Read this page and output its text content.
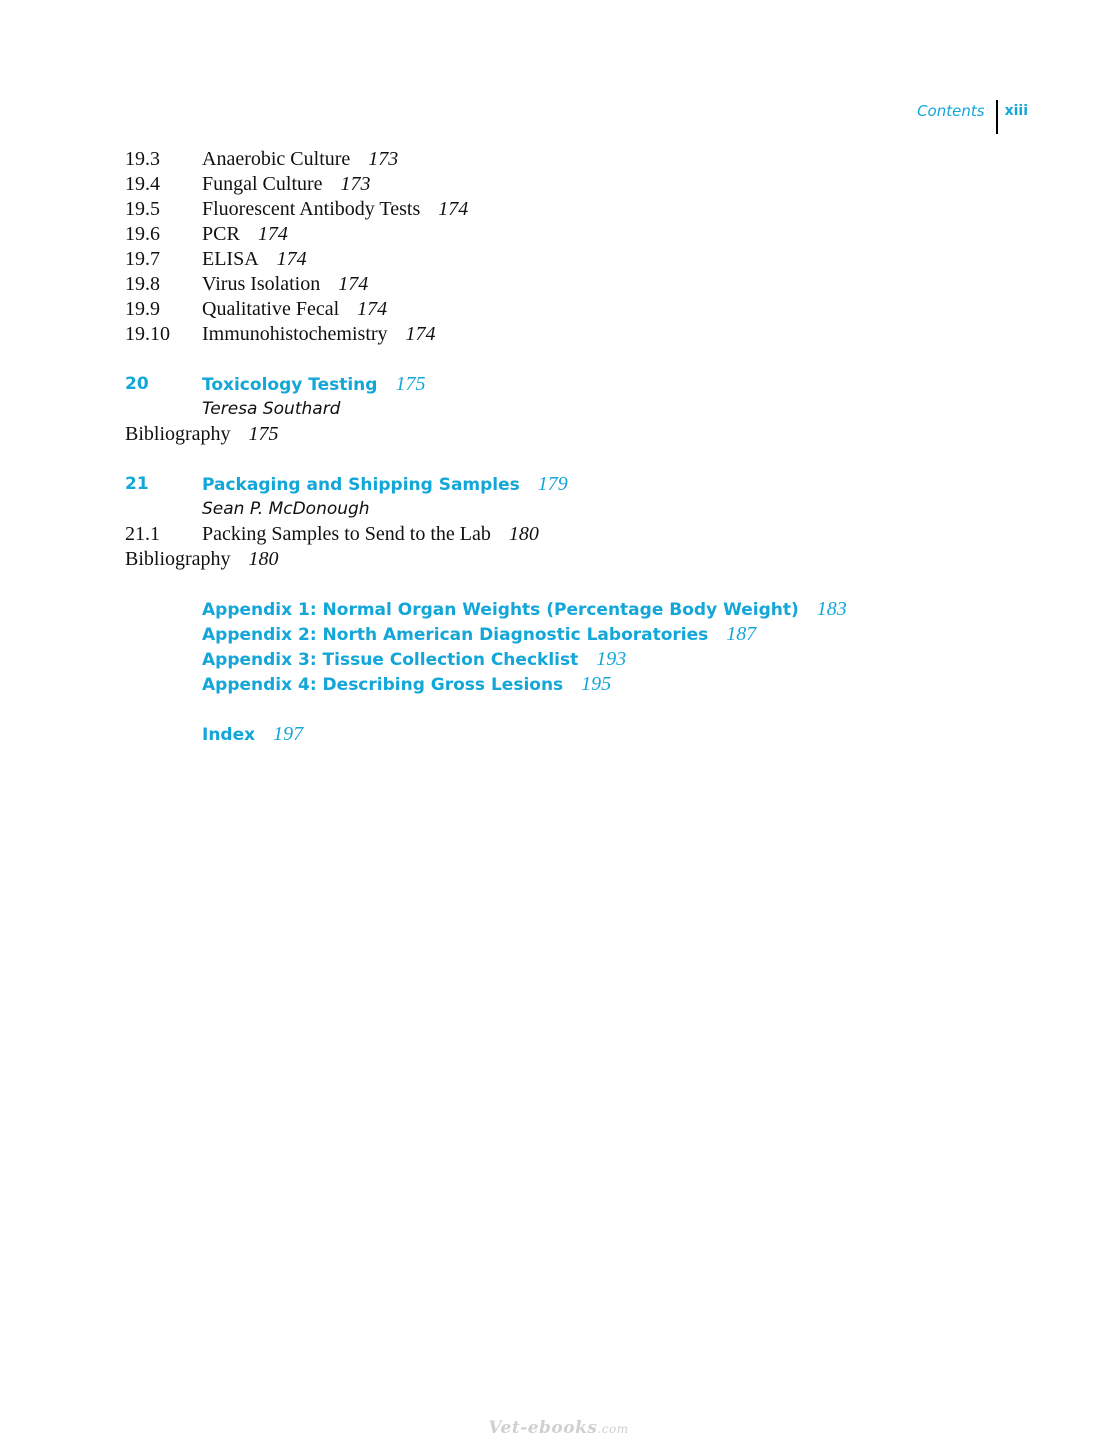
Contents	xiii
19.3 Anaerobic Culture 173
19.4 Fungal Culture 173
19.5 Fluorescent Antibody Tests 174
19.6 PCR 174
19.7 ELISA 174
19.8 Virus Isolation 174
19.9 Qualitative Fecal 174
19.10 Immunohistochemistry 174
20	Toxicology Testing 175
Teresa Southard
Bibliography 175
21	Packaging and Shipping Samples 179
Sean P. McDonough
21.1 Packing Samples to Send to the Lab 180
Bibliography 180
Appendix 1: Normal Organ Weights (Percentage Body Weight) 183
Appendix 2: North American Diagnostic Laboratories 187
Appendix 3: Tissue Collection Checklist 193
Appendix 4: Describing Gross Lesions 195
Index 197
Vet-ebooks.com
